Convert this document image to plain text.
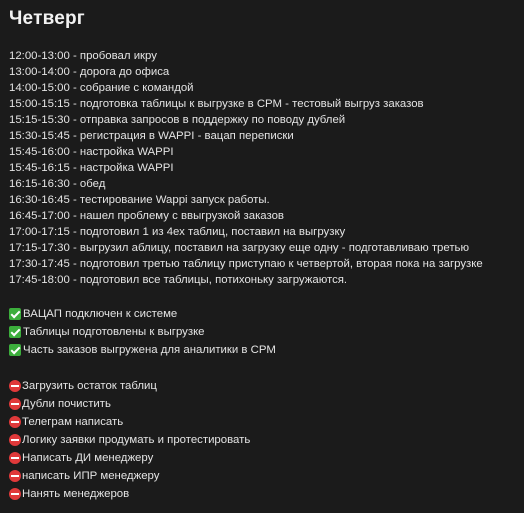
Четверг
12:00-13:00 - пробовал икру
13:00-14:00 - дорога до офиса
14:00-15:00 - собрание с командой
15:00-15:15 - подготовка таблицы к выгрузке в СРМ - тестовый выгруз заказов
15:15-15:30 - отправка запросов в поддержку по поводу дублей
15:30-15:45 - регистрация в WAPPI - вацап переписки
15:45-16:00 - настройка WAPPI
15:45-16:15 - настройка WAPPI
16:15-16:30 - обед
16:30-16:45 - тестирование Wappi запуск работы.
16:45-17:00 - нашел проблему с ввыгрузкой заказов
17:00-17:15 - подготовил 1 из 4ех таблиц, поставил на выгрузку
17:15-17:30 - выгрузил аблицу, поставил на загрузку еще одну - подготавливаю третью
17:30-17:45 - подготовил третью таблицу приступаю к четвертой, вторая пока на загрузке
17:45-18:00 - подготовил все таблицы, потихоньку загружаются.
ВАЦАП подключен к системе
Таблицы подготовлены к выгрузке
Часть заказов выгружена для аналитики в СРМ
Загрузить остаток таблиц
Дубли почистить
Телеграм написать
Логику заявки продумать и протестировать
Написать ДИ менеджеру
написать ИПР менеджеру
Нанять менеджеров
